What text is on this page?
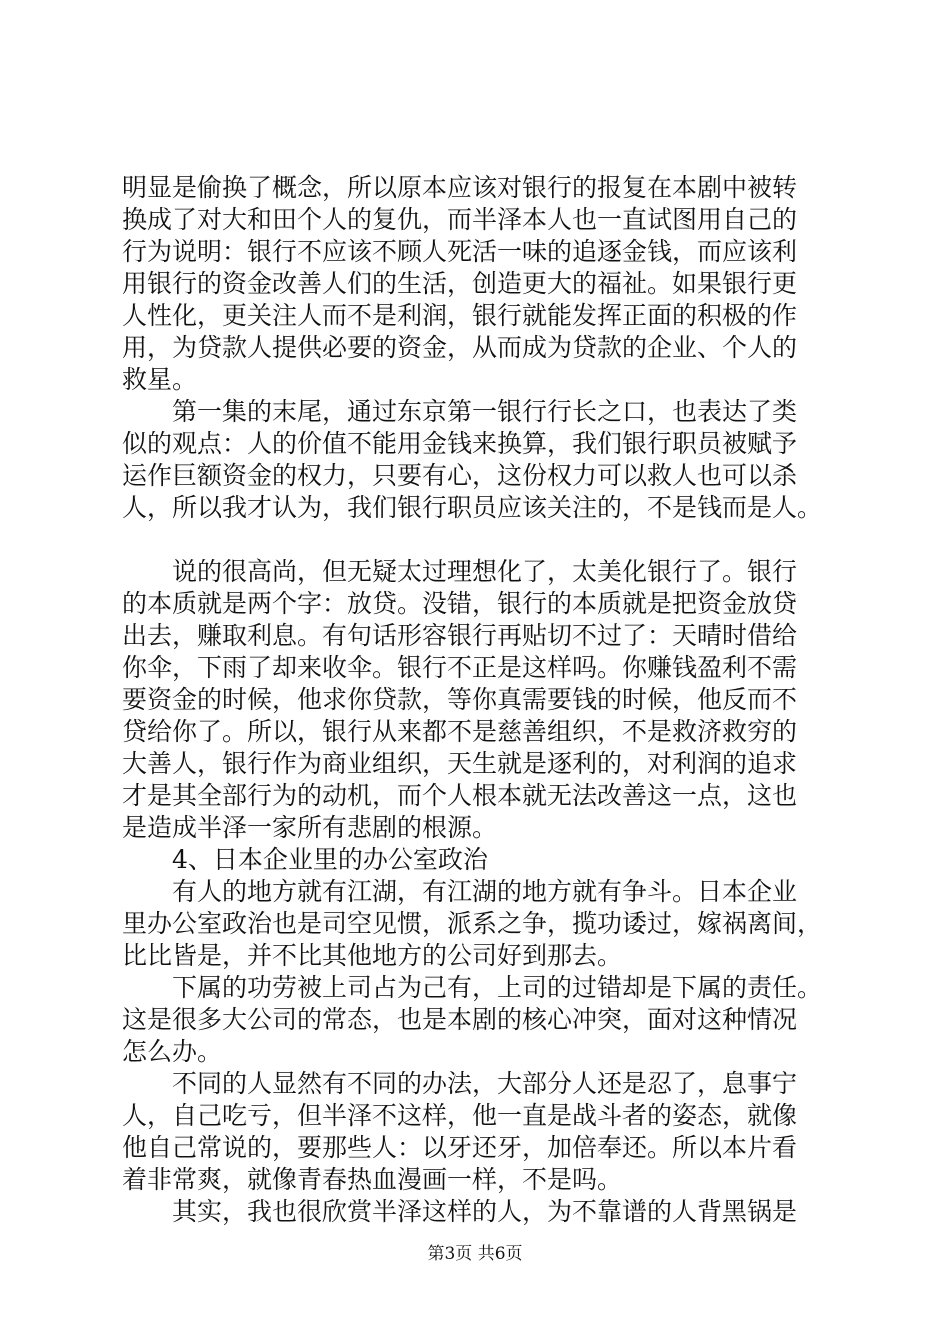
明显是偷换了概念，所以原本应该对银行的报复在本剧中被转
换成了对大和田个人的复仇，而半泽本人也一直试图用自己的
行为说明：银行不应该不顾人死活一味的追逐金钱，而应该利
用银行的资金改善人们的生活，创造更大的福祉。如果银行更
人性化，更关注人而不是利润，银行就能发挥正面的积极的作
用，为贷款人提供必要的资金，从而成为贷款的企业、个人的
救星。
　　第一集的末尾，通过东京第一银行行长之口，也表达了类
似的观点：人的价值不能用金钱来换算，我们银行职员被赋予
运作巨额资金的权力，只要有心，这份权力可以救人也可以杀
人，所以我才认为，我们银行职员应该关注的，不是钱而是人。
　　说的很高尚，但无疑太过理想化了，太美化银行了。银行
的本质就是两个字：放贷。没错，银行的本质就是把资金放贷
出去，赚取利息。有句话形容银行再贴切不过了：天晴时借给
你伞，下雨了却来收伞。银行不正是这样吗。你赚钱盈利不需
要资金的时候，他求你贷款，等你真需要钱的时候，他反而不
贷给你了。所以，银行从来都不是慈善组织，不是救济救穷的
大善人，银行作为商业组织，天生就是逐利的，对利润的追求
才是其全部行为的动机，而个人根本就无法改善这一点，这也
是造成半泽一家所有悲剧的根源。
　　4、日本企业里的办公室政治
　　有人的地方就有江湖，有江湖的地方就有争斗。日本企业
里办公室政治也是司空见惯，派系之争，揽功诿过，嫁祸离间，
比比皆是，并不比其他地方的公司好到那去。
　　下属的功劳被上司占为己有，上司的过错却是下属的责任。
这是很多大公司的常态，也是本剧的核心冲突，面对这种情况
怎么办。
　　不同的人显然有不同的办法，大部分人还是忍了，息事宁
人，自己吃亏，但半泽不这样，他一直是战斗者的姿态，就像
他自己常说的，要那些人：以牙还牙，加倍奉还。所以本片看
着非常爽，就像青春热血漫画一样，不是吗。
　　其实，我也很欣赏半泽这样的人，为不靠谱的人背黑锅是
第3页 共6页
